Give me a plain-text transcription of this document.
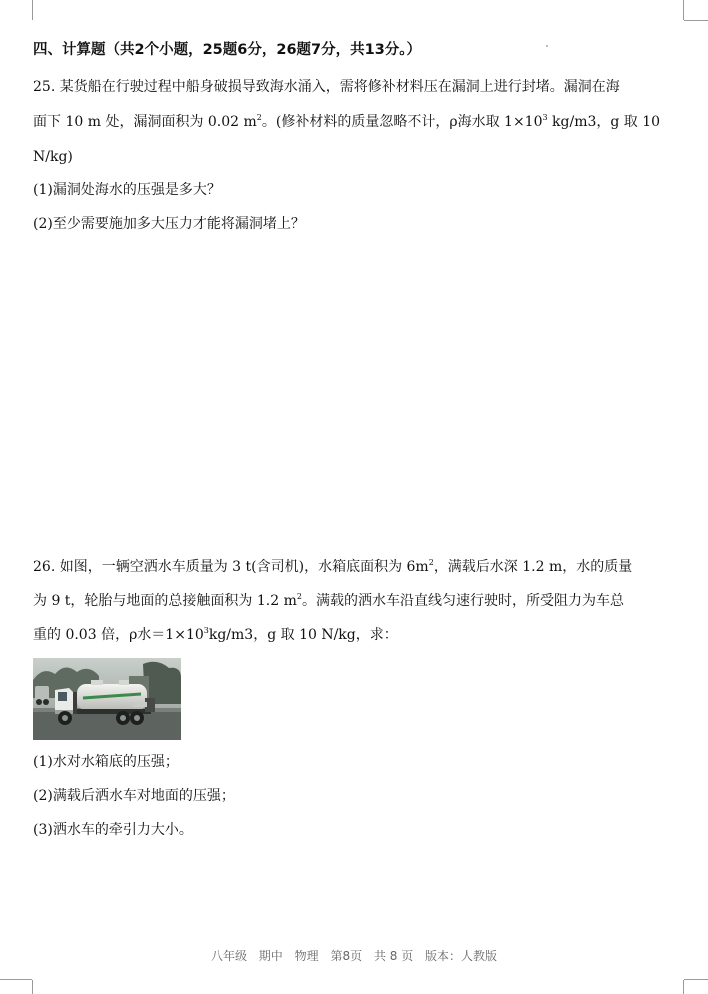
四、计算题（共2个小题，25题6分，26题7分，共13分。）
25. 某货船在行驶过程中船身破损导致海水涌入，需将修补材料压在漏洞上进行封堵。漏洞在海
面下 10 m 处，漏洞面积为 0.02 $m^2$。(修补材料的质量忽略不计，ρ海水取 $1\times 10^3$ kg/m3，g 取 10
N/kg)
(1)漏洞处海水的压强是多大？
(2)至少需要施加多大压力才能将漏洞堵上？
26. 如图，一辆空洒水车质量为 3 t(含司机)，水箱底面积为 $6m^2$，满载后水深 1.2 m，水的质量
为 9 t，轮胎与地面的总接触面积为 1.2 $m^2$。满载的洒水车沿直线匀速行驶时，所受阻力为车总
重的 0.03 倍，ρ水$=1\times 10^3kg/m3$，g 取 10 N/kg，求：
(1)水对水箱底的压强；
(2)满载后洒水车对地面的压强；
(3)洒水车的牵引力大小。
八年级 期中 物理 第8页 共 8 页 版本：人教版
